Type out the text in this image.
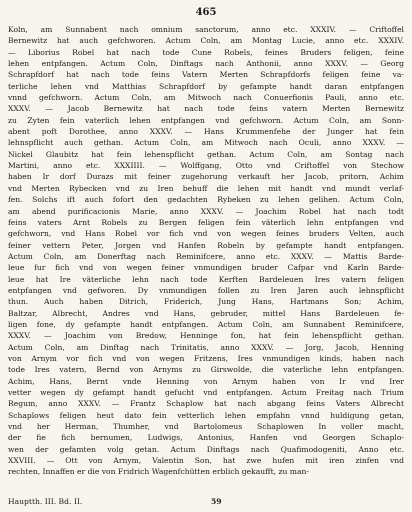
465
Koln, am Sunnabent nach omnium sanctorum, anno etc. XXXIV. — Criftoffel
Bernewitz hat auch gefchworen. Actum Coln, am Montag Lucie, anno etc. XXXIV.
— Liborius Robel hat nach tode Cune Robels, feines Bruders feligen, feine
lehen entpfangen. Actum Coln, Dinftags nach Anthonii, anno XXXV. — Georg
Schrapfdorf hat nach tode feins Vatern Merten Schrapfdorfs feligen feine va-
terliche lehen vnd Matthias Schrapfdorf by gefampte handt daran entpfangen
vnnd gefchworn. Actum Coln, am Mitwoch nach Conuerfionis Pauli, anno etc.
XXXV. — Jacob Bernewitz hat nach tode feins vatern Merten Bernewitz
zu Zyten fein vaterlich lehen entpfangen vnd gefchworn. Actum Coln, am Sonn-
abent poft Dorothee, anno XXXV. — Hans Krummenfehe der Junger hat fein
lehnspflicht auch gethan. Actum Coln, am Mitwoch nach Oculi, anno XXXV. —
Nickel Glaubitz hat fein lehenspflicht gethan. Actum Coln, am Sontag nach
Martini, anno etc. XXXIIII. — Wolffgang, Otto vnd Criftoffel von Stechow
haben Ir dorf Durazs mit feiner zugehorung verkauft her Jacob, pritorn, Achim
vnd Merten Rybecken vnd zu Iren behuff die lehen mit handt vnd mundt verlaf-
fen. Solchs ift auch fofort den gedachten Rybeken zu lehen gelihen. Actum Coln,
am abend purificacionis Marie, anno XXXV. — Joachim Robel hat nach todt
feins vaters Arnt Robels zu Bergen feligen fein väterlich lehn entpfangen vnd
gefchworn, vnd Hans Robel vor fich vnd von wegen feines bruders Velten, auch
feiner vettern Peter, Jorgen vnd Hanfen Robeln by gefampte handt entpfangen.
Actum Coln, am Donerftag nach Reminifcere, anno etc. XXXV. — Mattis Barde-
leue fur fich vnd von wegen feiner vnmundigen bruder Cafpar vnd Karln Barde-
leue hat Ire väterliche lehn nach tode Kerften Bardeleuen Ires vatern feligen
entpfangen vnd gefworen. Dy vnmundigen follen zu Iren Jaren auch lehnspflicht
thun. Auch haben Ditrich, Friderich, Jung Hans, Hartmans Son; Achim,
Baltzar, Albrecht, Andres vnd Hans, gebruder, mittel Hans Bardeleuen fe-
ligen fone, dy gefampte handt entpfangen. Actum Coln, am Sunnabent Reminifcere,
XXXV. — Joachim von Bredow, Henninge fon, hat fein lehenspflicht gethan.
Actum Coln, am Dinftag nach Trinitatis, anno XXXV. — Jorg, Jacob, Henning
von Arnym vor fich vnd von wegen Fritzens, Ires vnmundigen kinds, haben nach
tode Ires vatern, Bernd von Arnyms zu Girswolde, die vaterliche lehn entpfangen.
Achim, Hans, Bernt vnde Henning von Arnym haben von Ir vnd Irer
vetter wegen dy gefampt handt gefucht vnd entpfangen. Actum Freitag nach Trium
Regum, anno XXXV. — Frantz Schaplow hat nach abgang feins Vaters Albrecht
Schaplows feligen heut dato fein vetterlich lehen empfahn vnnd huldigung getan,
vnd her Herman, Thumher, vnd Bartolomeus Schaplowen In voller macht,
der fie fich bernumen, Ludwigs, Antonius, Hanfen vnd Georgen Schaplo-
wen der gefamten volg getan. Actum Dinftags nach Quafimodogeniti, Anno etc.
XXVIII. — Ott von Arnym, Valentin Son, hat zwe hufen mit iren zinfen vnd
rechten, Innaffen er die von Fridrich Wagenfchütten erblich gekaufft, zu man-
Hauptth. III. Bd. II.	59
